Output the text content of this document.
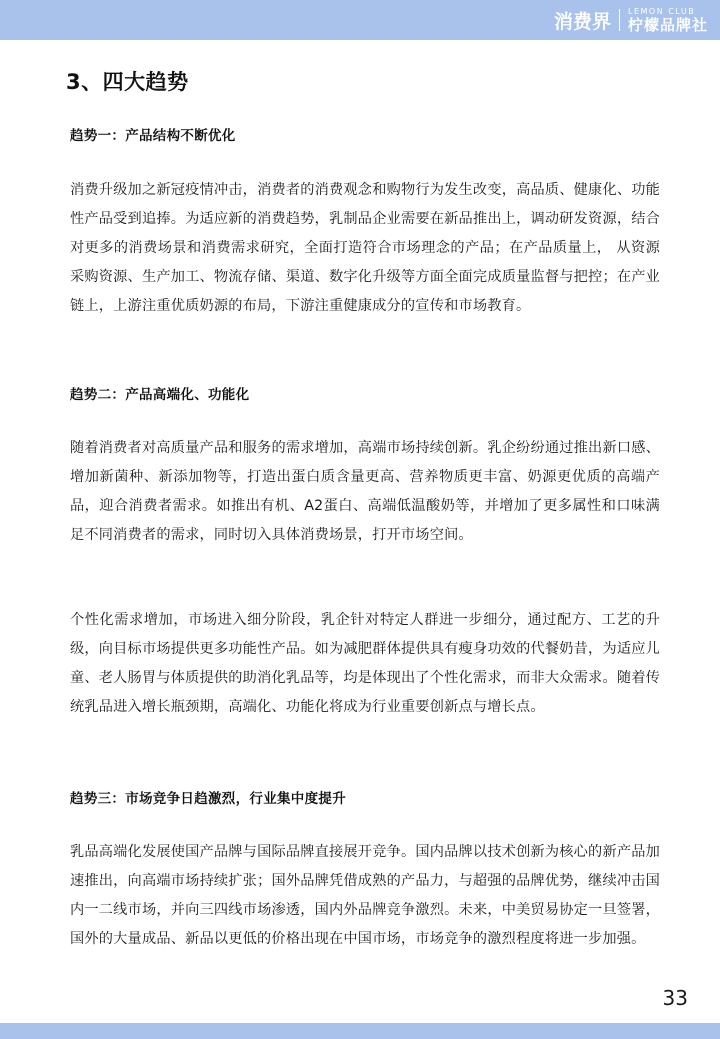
消费界 LEMON CLUB
柠檬品牌社
3、四大趋势
趋势一：产品结构不断优化

消费升级加之新冠疫情冲击，消费者的消费观念和购物行为发生改变，高品质、健康化、功能性产品受到追捧。为适应新的消费趋势，乳制品企业需要在新品推出上，调动研发资源，结合对更多的消费场景和消费需求研究，全面打造符合市场理念的产品；在产品质量上， 从资源采购资源、生产加工、物流存储、渠道、数字化升级等方面全面完成质量监督与把控；在产业链上，上游注重优质奶源的布局，下游注重健康成分的宣传和市场教育。

趋势二：产品高端化、功能化

随着消费者对高质量产品和服务的需求增加，高端市场持续创新。乳企纷纷通过推出新口感、增加新菌种、新添加物等，打造出蛋白质含量更高、营养物质更丰富、奶源更优质的高端产品，迎合消费者需求。如推出有机、A2蛋白、高端低温酸奶等，并增加了更多属性和口味满足不同消费者的需求，同时切入具体消费场景，打开市场空间。

个性化需求增加，市场进入细分阶段，乳企针对特定人群进一步细分，通过配方、工艺的升级，向目标市场提供更多功能性产品。如为减肥群体提供具有瘦身功效的代餐奶昔，为适应儿童、老人肠胃与体质提供的助消化乳品等，均是体现出了个性化需求，而非大众需求。随着传统乳品进入增长瓶颈期，高端化、功能化将成为行业重要创新点与增长点。

趋势三：市场竞争日趋激烈，行业集中度提升

乳品高端化发展使国产品牌与国际品牌直接展开竞争。国内品牌以技术创新为核心的新产品加速推出，向高端市场持续扩张；国外品牌凭借成熟的产品力，与超强的品牌优势，继续冲击国内一二线市场，并向三四线市场渗透，国内外品牌竞争激烈。未来，中美贸易协定一旦签署，国外的大量成品、新品以更低的价格出现在中国市场，市场竞争的激烈程度将进一步加强。

33
